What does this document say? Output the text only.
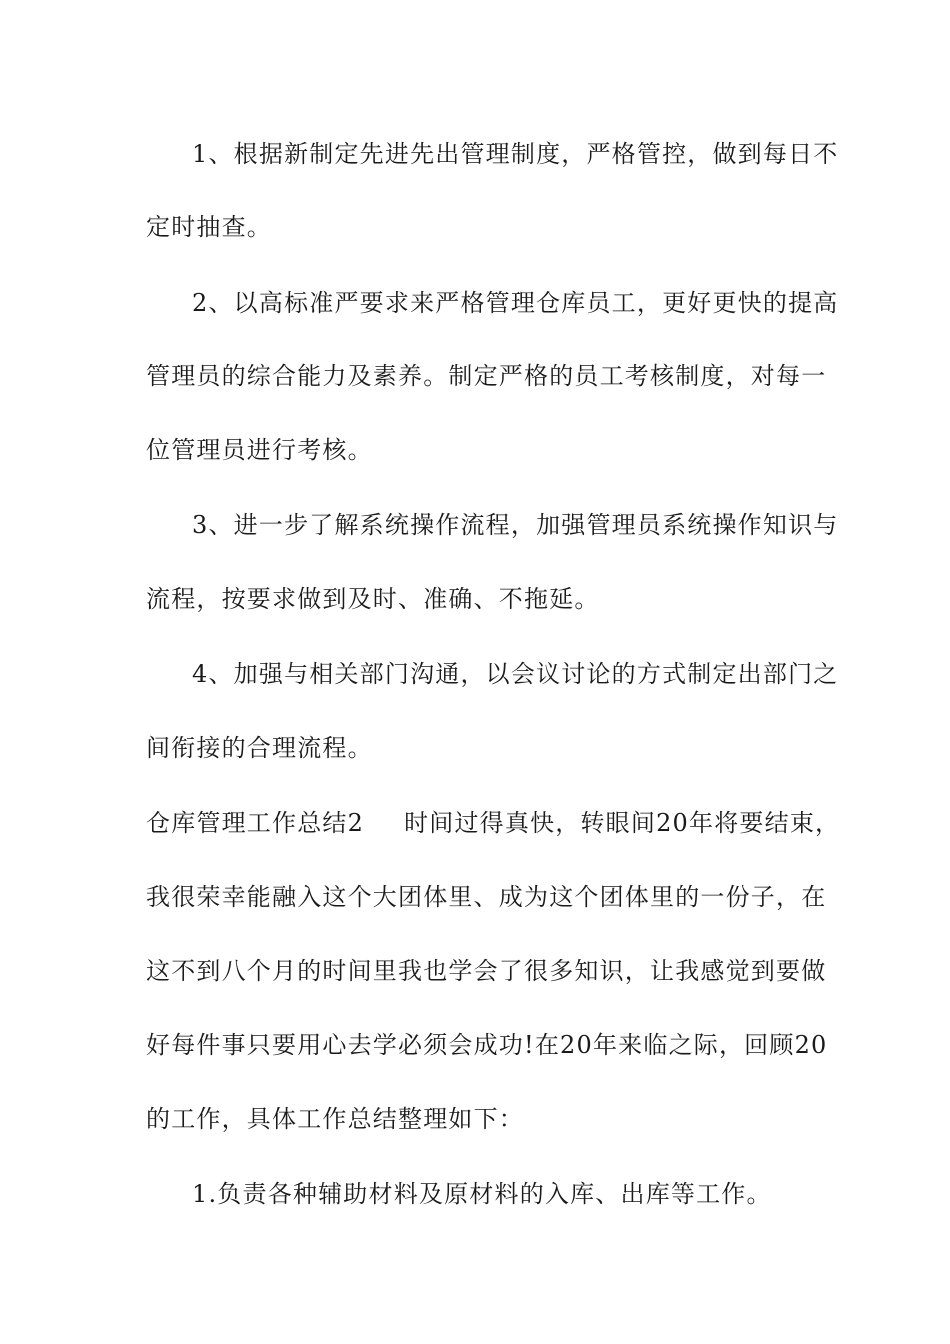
1、根据新制定先进先出管理制度，严格管控，做到每日不
定时抽查。
2、以高标准严要求来严格管理仓库员工，更好更快的提高
管理员的综合能力及素养。制定严格的员工考核制度，对每一
位管理员进行考核。
3、进一步了解系统操作流程，加强管理员系统操作知识与
流程，按要求做到及时、准确、不拖延。
4、加强与相关部门沟通，以会议讨论的方式制定出部门之
间衔接的合理流程。
仓库管理工作总结2 时间过得真快，转眼间20年将要结束，
我很荣幸能融入这个大团体里、成为这个团体里的一份子，在
这不到八个月的时间里我也学会了很多知识，让我感觉到要做
好每件事只要用心去学必须会成功!在20年来临之际，回顾20
的工作，具体工作总结整理如下：
1.负责各种辅助材料及原材料的入库、出库等工作。
